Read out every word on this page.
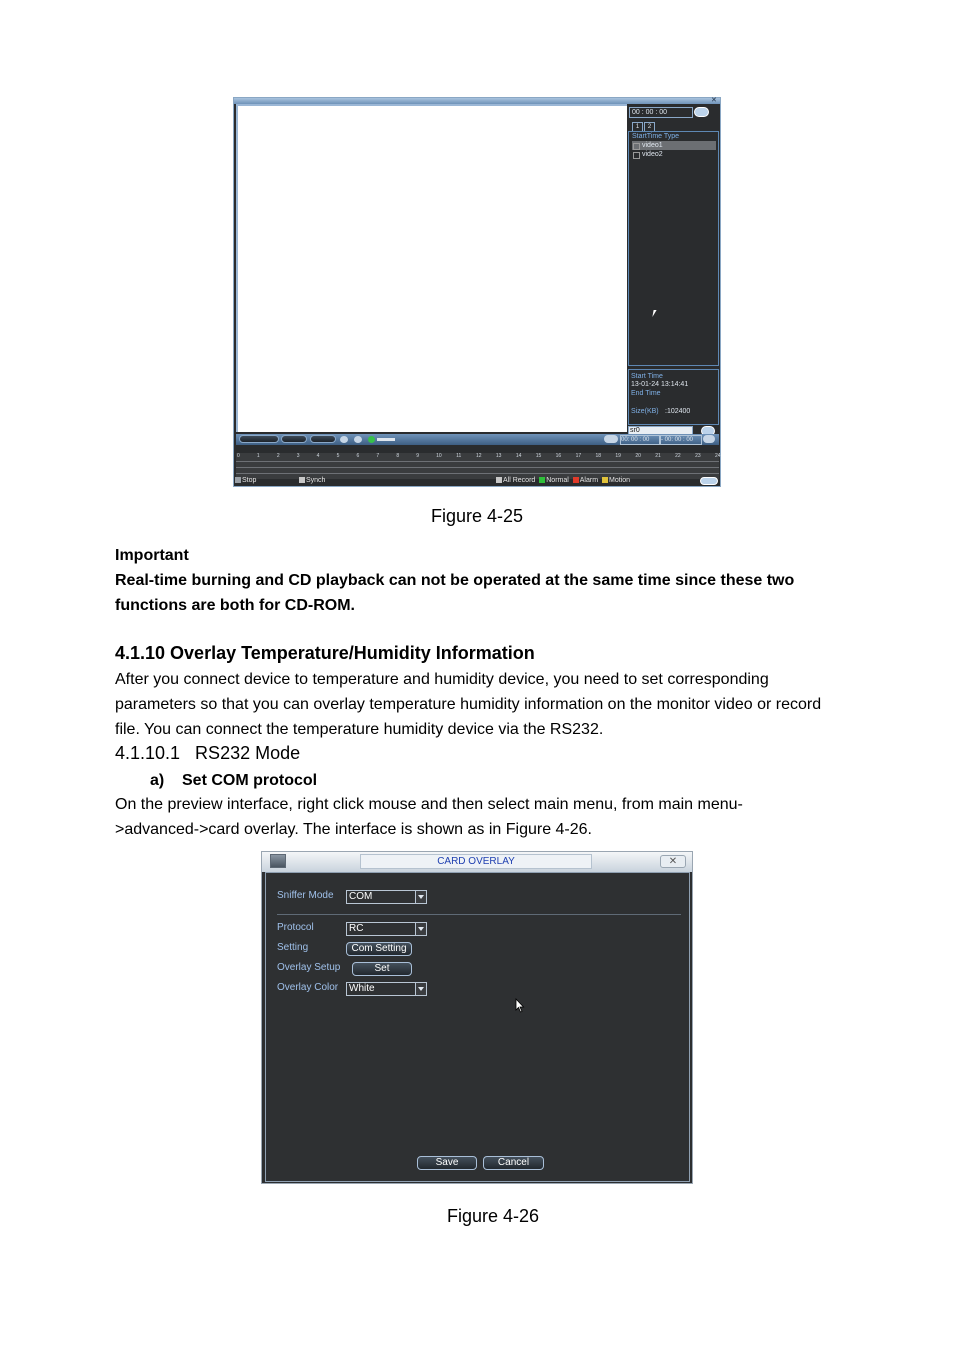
✕
00 : 00 : 00
1	2
StartTime Type
video1
video2
Start Time
13-01-24 13:14:41
End Time
Size(KB) :102400
sr0
00: 00 : 00	- 00: 00 : 00
0	1	2	3	4	5	6	7	8	9	10	11	12	13	14	15	16	17	18	19	20	21	22	23	24
Stop	Synch	All Record Normal Alarm Motion
Figure 4-25
Important
Real-time burning and CD playback can not be operated at the same time since these two functions are both for CD-ROM.
4.1.10 Overlay Temperature/Humidity Information
After you connect device to temperature and humidity device, you need to set corresponding parameters so that you can overlay temperature humidity information on the monitor video or record file. You can connect the temperature humidity device via the RS232.
4.1.10.1   RS232 Mode
a) Set COM protocol
On the preview interface, right click mouse and then select main menu, from main menu->advanced->card overlay. The interface is shown as in Figure 4-26.
CARD OVERLAY	✕
Sniffer Mode	COM
Protocol	RC
Setting	Com Setting
Overlay Setup	Set
Overlay Color	White
Save	Cancel
Figure 4-26
